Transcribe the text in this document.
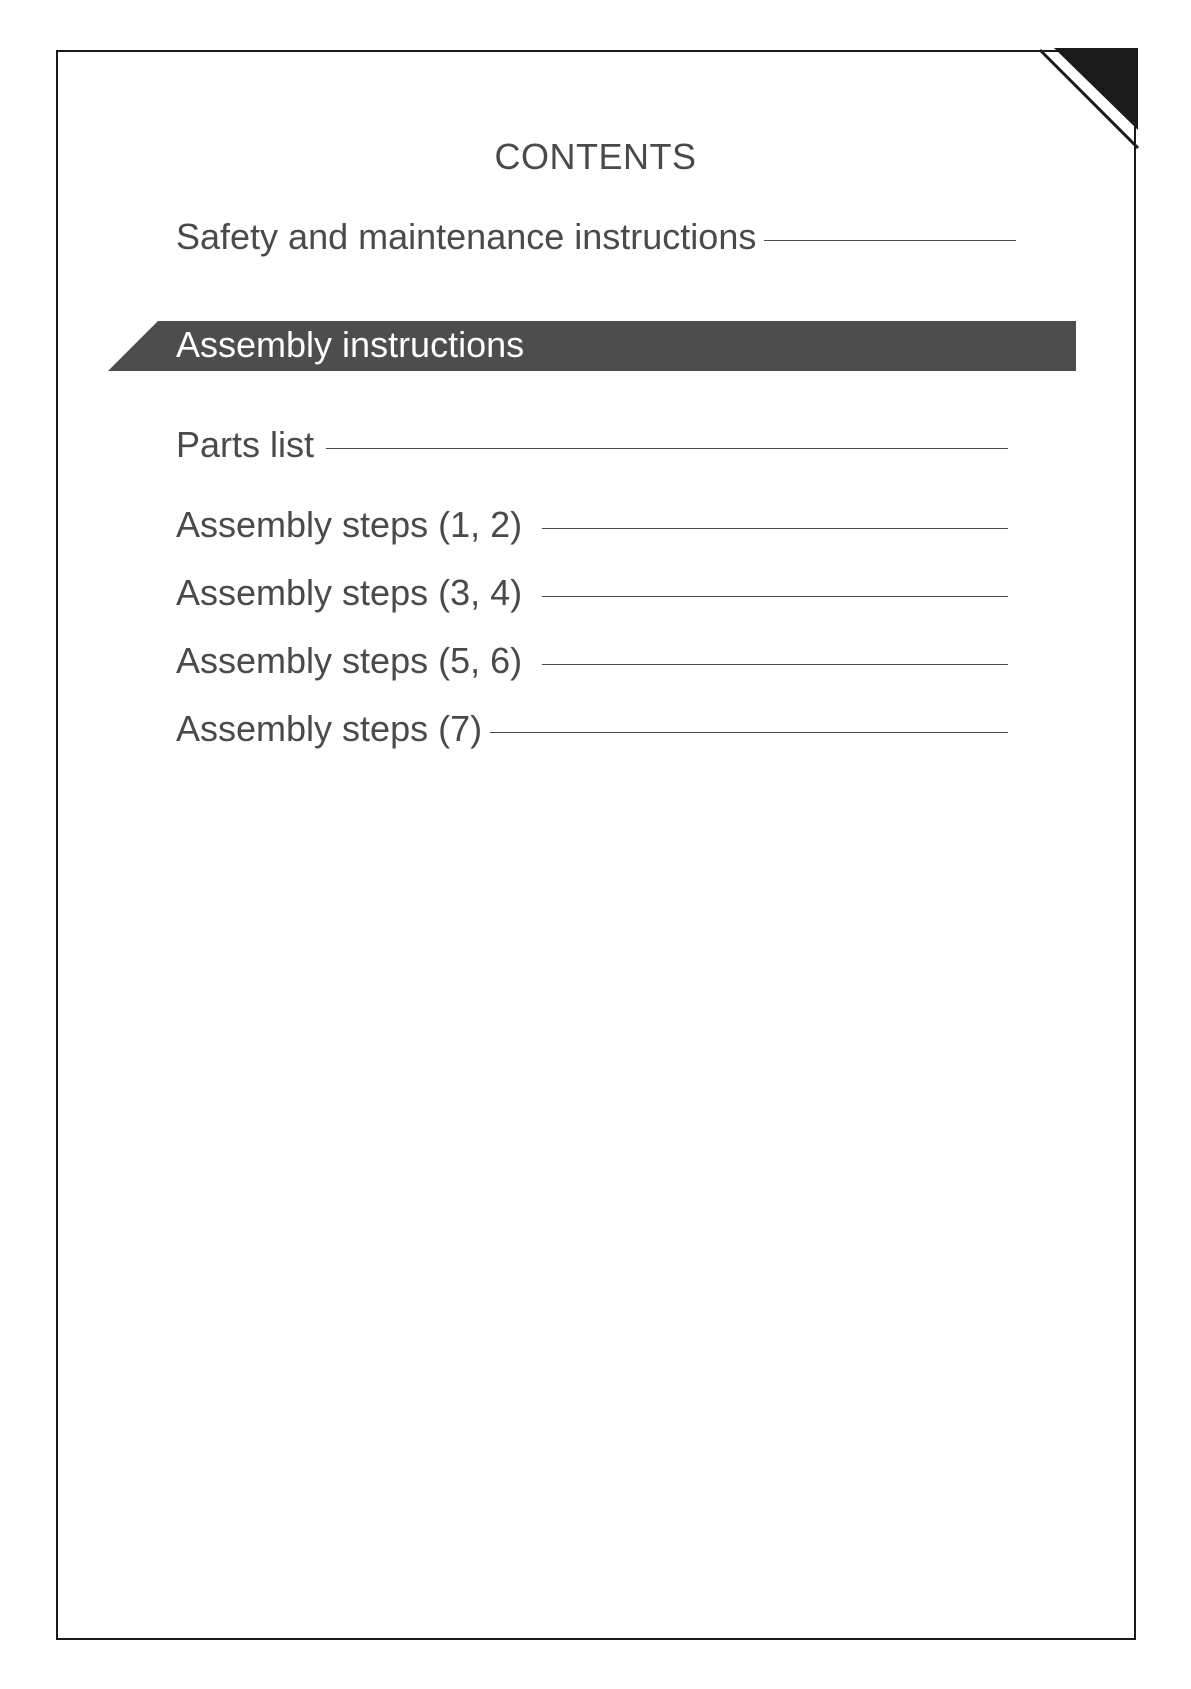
CONTENTS
Safety and maintenance instructions
Assembly instructions
Parts list
Assembly steps (1, 2)
Assembly steps (3, 4)
Assembly steps (5, 6)
Assembly steps (7)
